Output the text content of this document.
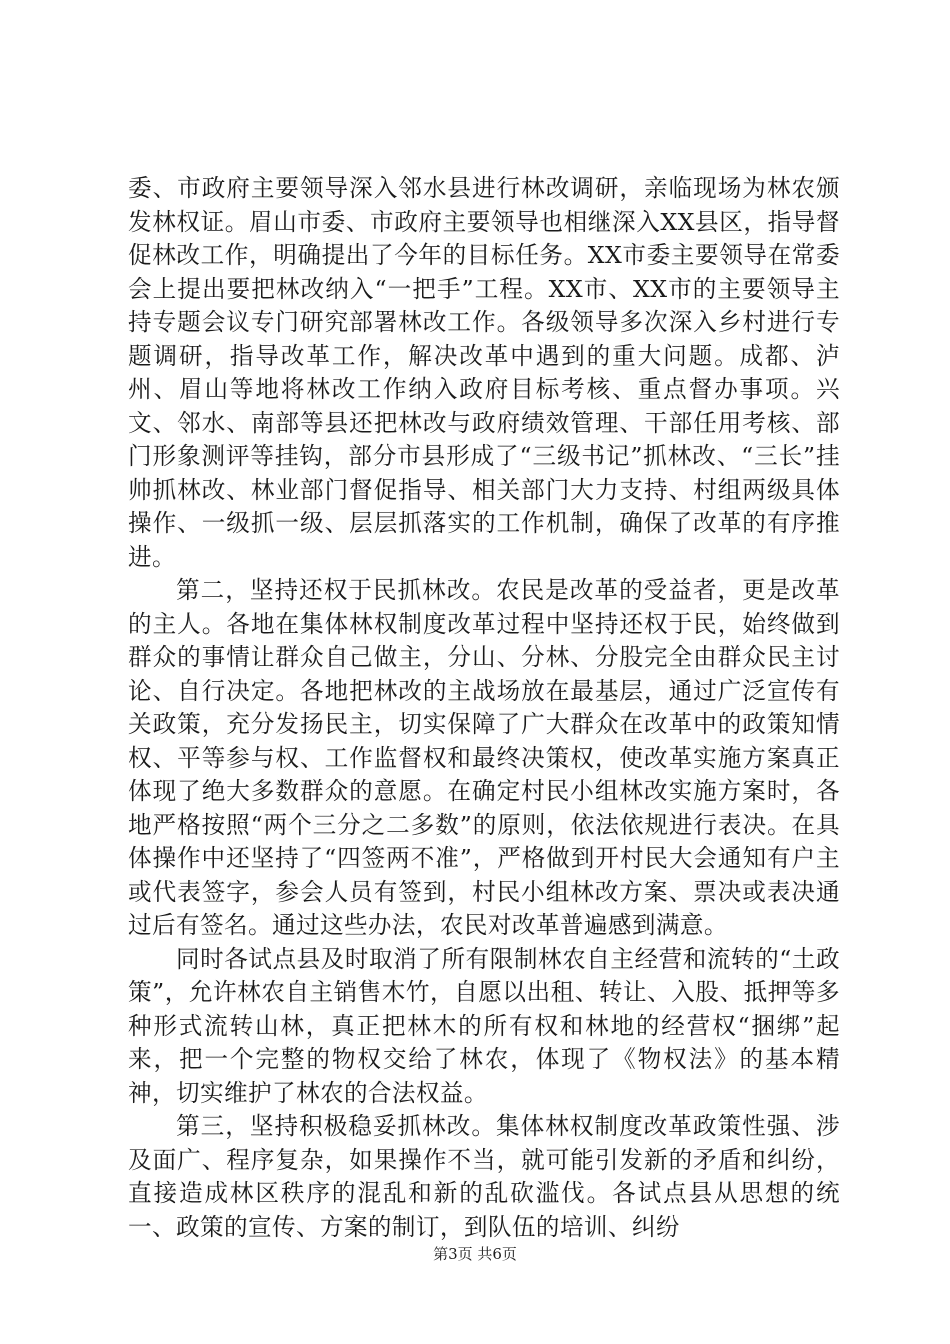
委、市政府主要领导深入邻水县进行林改调研，亲临现场为林农颁发林权证。眉山市委、市政府主要领导也相继深入XX县区，指导督促林改工作，明确提出了今年的目标任务。XX市委主要领导在常委会上提出要把林改纳入“一把手”工程。XX市、XX市的主要领导主持专题会议专门研究部署林改工作。各级领导多次深入乡村进行专题调研，指导改革工作，解决改革中遇到的重大问题。成都、泸州、眉山等地将林改工作纳入政府目标考核、重点督办事项。兴文、邻水、南部等县还把林改与政府绩效管理、干部任用考核、部门形象测评等挂钩，部分市县形成了“三级书记”抓林改、“三长”挂帅抓林改、林业部门督促指导、相关部门大力支持、村组两级具体操作、一级抓一级、层层抓落实的工作机制，确保了改革的有序推进。

第二，坚持还权于民抓林改。农民是改革的受益者，更是改革的主人。各地在集体林权制度改革过程中坚持还权于民，始终做到群众的事情让群众自己做主，分山、分林、分股完全由群众民主讨论、自行决定。各地把林改的主战场放在最基层，通过广泛宣传有关政策，充分发扬民主，切实保障了广大群众在改革中的政策知情权、平等参与权、工作监督权和最终决策权，使改革实施方案真正体现了绝大多数群众的意愿。在确定村民小组林改实施方案时，各地严格按照“两个三分之二多数”的原则，依法依规进行表决。在具体操作中还坚持了“四签两不准”，严格做到开村民大会通知有户主或代表签字，参会人员有签到，村民小组林改方案、票决或表决通过后有签名。通过这些办法，农民对改革普遍感到满意。

同时各试点县及时取消了所有限制林农自主经营和流转的“土政策”，允许林农自主销售木竹，自愿以出租、转让、入股、抵押等多种形式流转山林，真正把林木的所有权和林地的经营权“捆绑”起来，把一个完整的物权交给了林农，体现了《物权法》的基本精神，切实维护了林农的合法权益。

第三，坚持积极稳妥抓林改。集体林权制度改革政策性强、涉及面广、程序复杂，如果操作不当，就可能引发新的矛盾和纠纷，直接造成林区秩序的混乱和新的乱砍滥伐。各试点县从思想的统一、政策的宣传、方案的制订，到队伍的培训、纠纷

第3页 共6页
